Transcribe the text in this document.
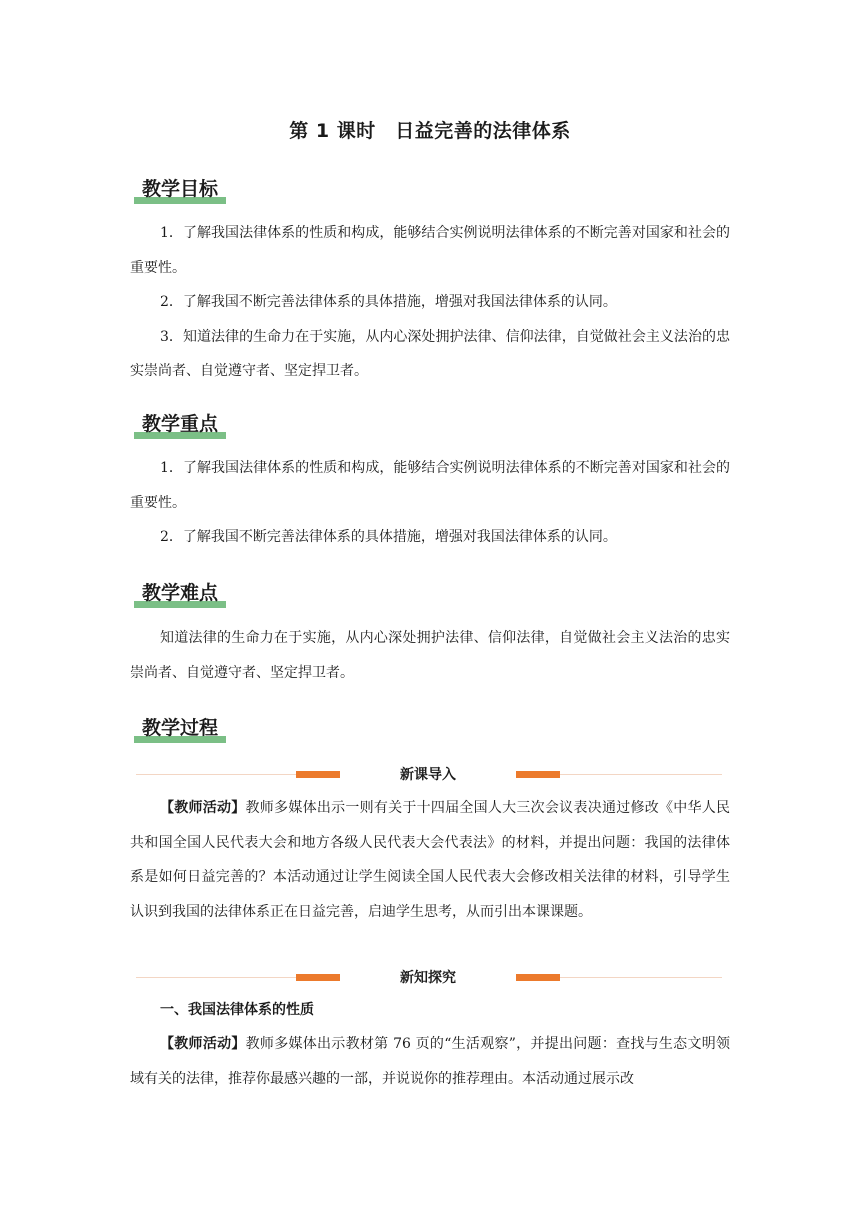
第 1 课时　日益完善的法律体系
教学目标

1．了解我国法律体系的性质和构成，能够结合实例说明法律体系的不断完善对国家和社会的重要性。

2．了解我国不断完善法律体系的具体措施，增强对我国法律体系的认同。

3．知道法律的生命力在于实施，从内心深处拥护法律、信仰法律，自觉做社会主义法治的忠实崇尚者、自觉遵守者、坚定捍卫者。

教学重点

1．了解我国法律体系的性质和构成，能够结合实例说明法律体系的不断完善对国家和社会的重要性。

2．了解我国不断完善法律体系的具体措施，增强对我国法律体系的认同。

教学难点

知道法律的生命力在于实施，从内心深处拥护法律、信仰法律，自觉做社会主义法治的忠实崇尚者、自觉遵守者、坚定捍卫者。

教学过程
新课导入

【教师活动】教师多媒体出示一则有关于十四届全国人大三次会议表决通过修改《中华人民共和国全国人民代表大会和地方各级人民代表大会代表法》的材料，并提出问题：我国的法律体系是如何日益完善的？本活动通过让学生阅读全国人民代表大会修改相关法律的材料，引导学生认识到我国的法律体系正在日益完善，启迪学生思考，从而引出本课课题。

新知探究
一、我国法律体系的性质

【教师活动】教师多媒体出示教材第 76 页的“生活观察”，并提出问题：查找与生态文明领域有关的法律，推荐你最感兴趣的一部，并说说你的推荐理由。本活动通过展示改
